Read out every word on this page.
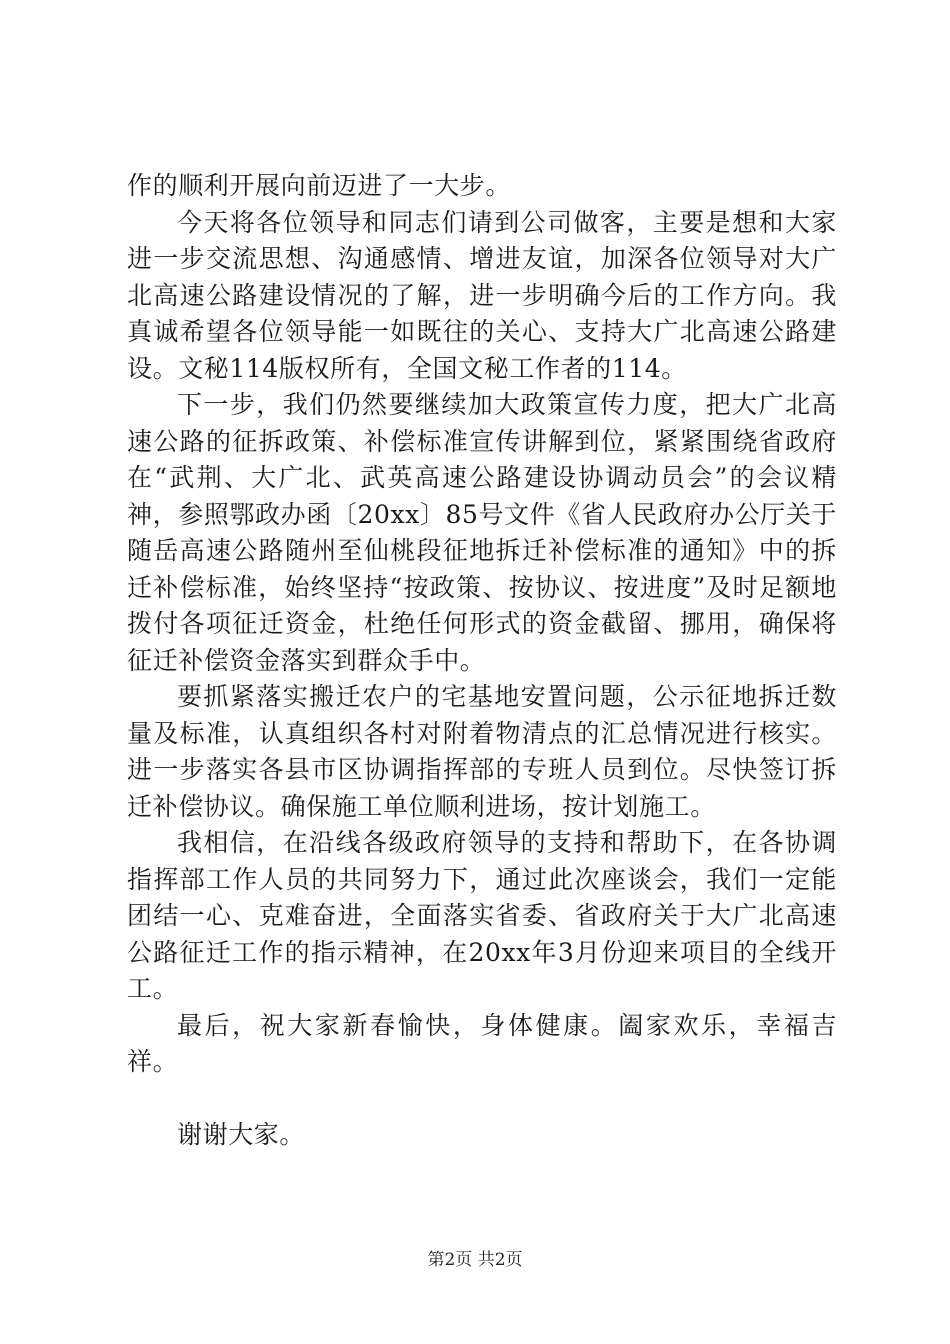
作的顺利开展向前迈进了一大步。

今天将各位领导和同志们请到公司做客，主要是想和大家进一步交流思想、沟通感情、增进友谊，加深各位领导对大广北高速公路建设情况的了解，进一步明确今后的工作方向。我真诚希望各位领导能一如既往的关心、支持大广北高速公路建设。文秘114版权所有，全国文秘工作者的114。

下一步，我们仍然要继续加大政策宣传力度，把大广北高速公路的征拆政策、补偿标准宣传讲解到位，紧紧围绕省政府在“武荆、大广北、武英高速公路建设协调动员会”的会议精神，参照鄂政办函〔20xx〕85号文件《省人民政府办公厅关于随岳高速公路随州至仙桃段征地拆迁补偿标准的通知》中的拆迁补偿标准，始终坚持“按政策、按协议、按进度”及时足额地拨付各项征迁资金，杜绝任何形式的资金截留、挪用，确保将征迁补偿资金落实到群众手中。

要抓紧落实搬迁农户的宅基地安置问题，公示征地拆迁数量及标准，认真组织各村对附着物清点的汇总情况进行核实。进一步落实各县市区协调指挥部的专班人员到位。尽快签订拆迁补偿协议。确保施工单位顺利进场，按计划施工。

我相信，在沿线各级政府领导的支持和帮助下，在各协调指挥部工作人员的共同努力下，通过此次座谈会，我们一定能团结一心、克难奋进，全面落实省委、省政府关于大广北高速公路征迁工作的指示精神，在20xx年3月份迎来项目的全线开工。

最后，祝大家新春愉快，身体健康。阖家欢乐，幸福吉祥。

谢谢大家。

第2页 共2页
